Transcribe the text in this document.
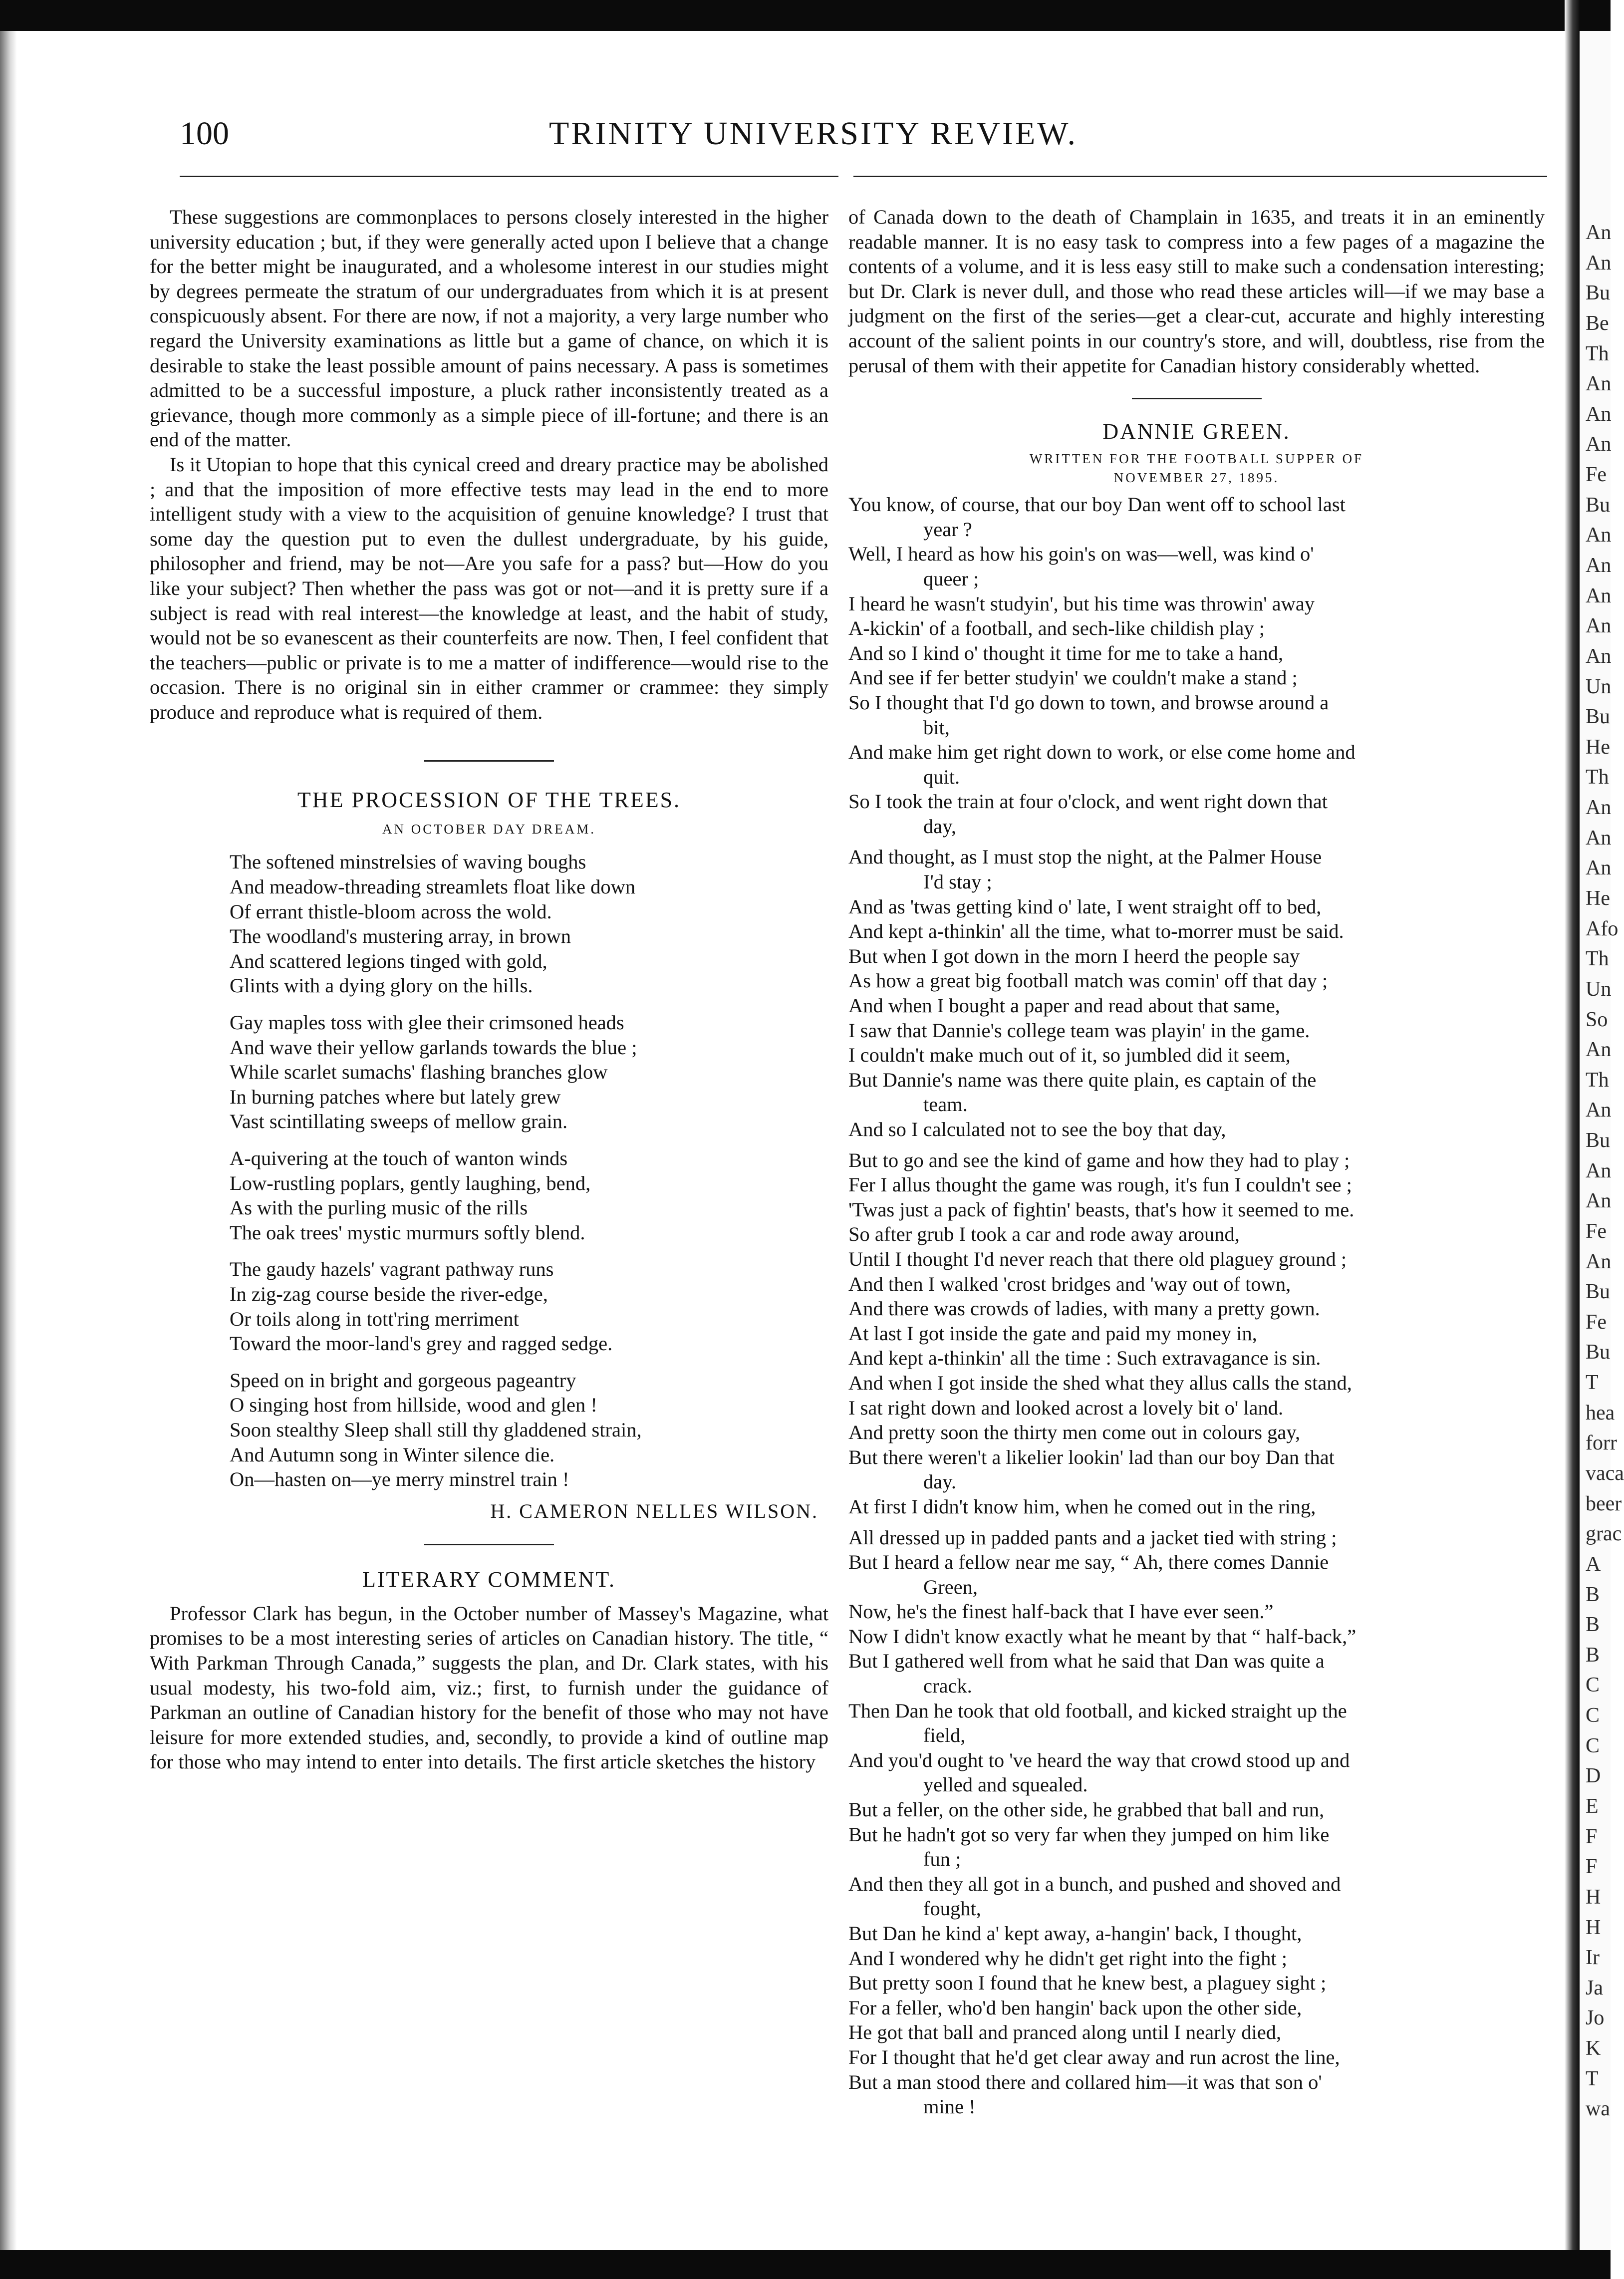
An
An
Bu
Be
Th
An
An
An
Fe
Bu
An
An
An
An
An
Un
Bu
He
Th
An
An
An
He
Afo
Th
Un
So
An
Th
An
Bu
An
An
Fe
An
Bu
Fe
Bu
T
hea
forr
vaca
beer
grac
A
B
B
B
C
C
C
D
E
F
F
H
H
Ir
Ja
Jo
K
T
wa
100	TRINITY UNIVERSITY REVIEW.

These suggestions are commonplaces to persons closely interested in the higher university education ; but, if they were generally acted upon I believe that a change for the better might be inaugurated, and a wholesome interest in our studies might by degrees permeate the stratum of our undergraduates from which it is at present conspicuously absent. For there are now, if not a majority, a very large number who regard the University examinations as little but a game of chance, on which it is desirable to stake the least possible amount of pains necessary. A pass is sometimes admitted to be a successful imposture, a pluck rather inconsistently treated as a grievance, though more commonly as a simple piece of ill-fortune; and there is an end of the matter.

Is it Utopian to hope that this cynical creed and dreary practice may be abolished ; and that the imposition of more effective tests may lead in the end to more intelligent study with a view to the acquisition of genuine knowledge? I trust that some day the question put to even the dullest undergraduate, by his guide, philosopher and friend, may be not—Are you safe for a pass? but—How do you like your subject? Then whether the pass was got or not—and it is pretty sure if a subject is read with real interest—the knowledge at least, and the habit of study, would not be so evanescent as their counterfeits are now. Then, I feel confident that the teachers—public or private is to me a matter of indifference—would rise to the occasion. There is no original sin in either crammer or crammee: they simply produce and reproduce what is required of them.

THE PROCESSION OF THE TREES.

AN OCTOBER DAY DREAM.

The softened minstrelsies of waving boughs
And meadow-threading streamlets float like down
Of errant thistle-bloom across the wold.
The woodland's mustering array, in brown
And scattered legions tinged with gold,
Glints with a dying glory on the hills.
Gay maples toss with glee their crimsoned heads
And wave their yellow garlands towards the blue ;
While scarlet sumachs' flashing branches glow
In burning patches where but lately grew
Vast scintillating sweeps of mellow grain.
A-quivering at the touch of wanton winds
Low-rustling poplars, gently laughing, bend,
As with the purling music of the rills
The oak trees' mystic murmurs softly blend.
The gaudy hazels' vagrant pathway runs
In zig-zag course beside the river-edge,
Or toils along in tott'ring merriment
Toward the moor-land's grey and ragged sedge.
Speed on in bright and gorgeous pageantry
O singing host from hillside, wood and glen !
Soon stealthy Sleep shall still thy gladdened strain,
And Autumn song in Winter silence die.
On—hasten on—ye merry minstrel train !
H. CAMERON NELLES WILSON.

LITERARY COMMENT.

Professor Clark has begun, in the October number of Massey's Magazine, what promises to be a most interesting series of articles on Canadian history. The title, “ With Parkman Through Canada,” suggests the plan, and Dr. Clark states, with his usual modesty, his two-fold aim, viz.; first, to furnish under the guidance of Parkman an outline of Canadian history for the benefit of those who may not have leisure for more extended studies, and, secondly, to provide a kind of outline map for those who may intend to enter into details. The first article sketches the history

of Canada down to the death of Champlain in 1635, and treats it in an eminently readable manner. It is no easy task to compress into a few pages of a magazine the contents of a volume, and it is less easy still to make such a condensation interesting; but Dr. Clark is never dull, and those who read these articles will—if we may base a judgment on the first of the series—get a clear-cut, accurate and highly interesting account of the salient points in our country's store, and will, doubtless, rise from the perusal of them with their appetite for Canadian history considerably whetted.

DANNIE GREEN.

WRITTEN FOR THE FOOTBALL SUPPER OF

NOVEMBER 27, 1895.

You know, of course, that our boy Dan went off to school last
year ?
Well, I heard as how his goin's on was—well, was kind o'
queer ;
I heard he wasn't studyin', but his time was throwin' away
A-kickin' of a football, and sech-like childish play ;
And so I kind o' thought it time for me to take a hand,
And see if fer better studyin' we couldn't make a stand ;
So I thought that I'd go down to town, and browse around a
bit,
And make him get right down to work, or else come home and
quit.
So I took the train at four o'clock, and went right down that
day,
And thought, as I must stop the night, at the Palmer House
I'd stay ;
And as 'twas getting kind o' late, I went straight off to bed,
And kept a-thinkin' all the time, what to-morrer must be said.
But when I got down in the morn I heerd the people say
As how a great big football match was comin' off that day ;
And when I bought a paper and read about that same,
I saw that Dannie's college team was playin' in the game.
I couldn't make much out of it, so jumbled did it seem,
But Dannie's name was there quite plain, es captain of the
team.
And so I calculated not to see the boy that day,
But to go and see the kind of game and how they had to play ;
Fer I allus thought the game was rough, it's fun I couldn't see ;
'Twas just a pack of fightin' beasts, that's how it seemed to me.
So after grub I took a car and rode away around,
Until I thought I'd never reach that there old plaguey ground ;
And then I walked 'crost bridges and 'way out of town,
And there was crowds of ladies, with many a pretty gown.
At last I got inside the gate and paid my money in,
And kept a-thinkin' all the time : Such extravagance is sin.
And when I got inside the shed what they allus calls the stand,
I sat right down and looked acrost a lovely bit o' land.
And pretty soon the thirty men come out in colours gay,
But there weren't a likelier lookin' lad than our boy Dan that
day.
At first I didn't know him, when he comed out in the ring,
All dressed up in padded pants and a jacket tied with string ;
But I heard a fellow near me say, “ Ah, there comes Dannie
Green,
Now, he's the finest half-back that I have ever seen.”
Now I didn't know exactly what he meant by that “ half-back,”
But I gathered well from what he said that Dan was quite a
crack.
Then Dan he took that old football, and kicked straight up the
field,
And you'd ought to 've heard the way that crowd stood up and
yelled and squealed.
But a feller, on the other side, he grabbed that ball and run,
But he hadn't got so very far when they jumped on him like
fun ;
And then they all got in a bunch, and pushed and shoved and
fought,
But Dan he kind a' kept away, a-hangin' back, I thought,
And I wondered why he didn't get right into the fight ;
But pretty soon I found that he knew best, a plaguey sight ;
For a feller, who'd ben hangin' back upon the other side,
He got that ball and pranced along until I nearly died,
For I thought that he'd get clear away and run acrost the line,
But a man stood there and collared him—it was that son o'
mine !
